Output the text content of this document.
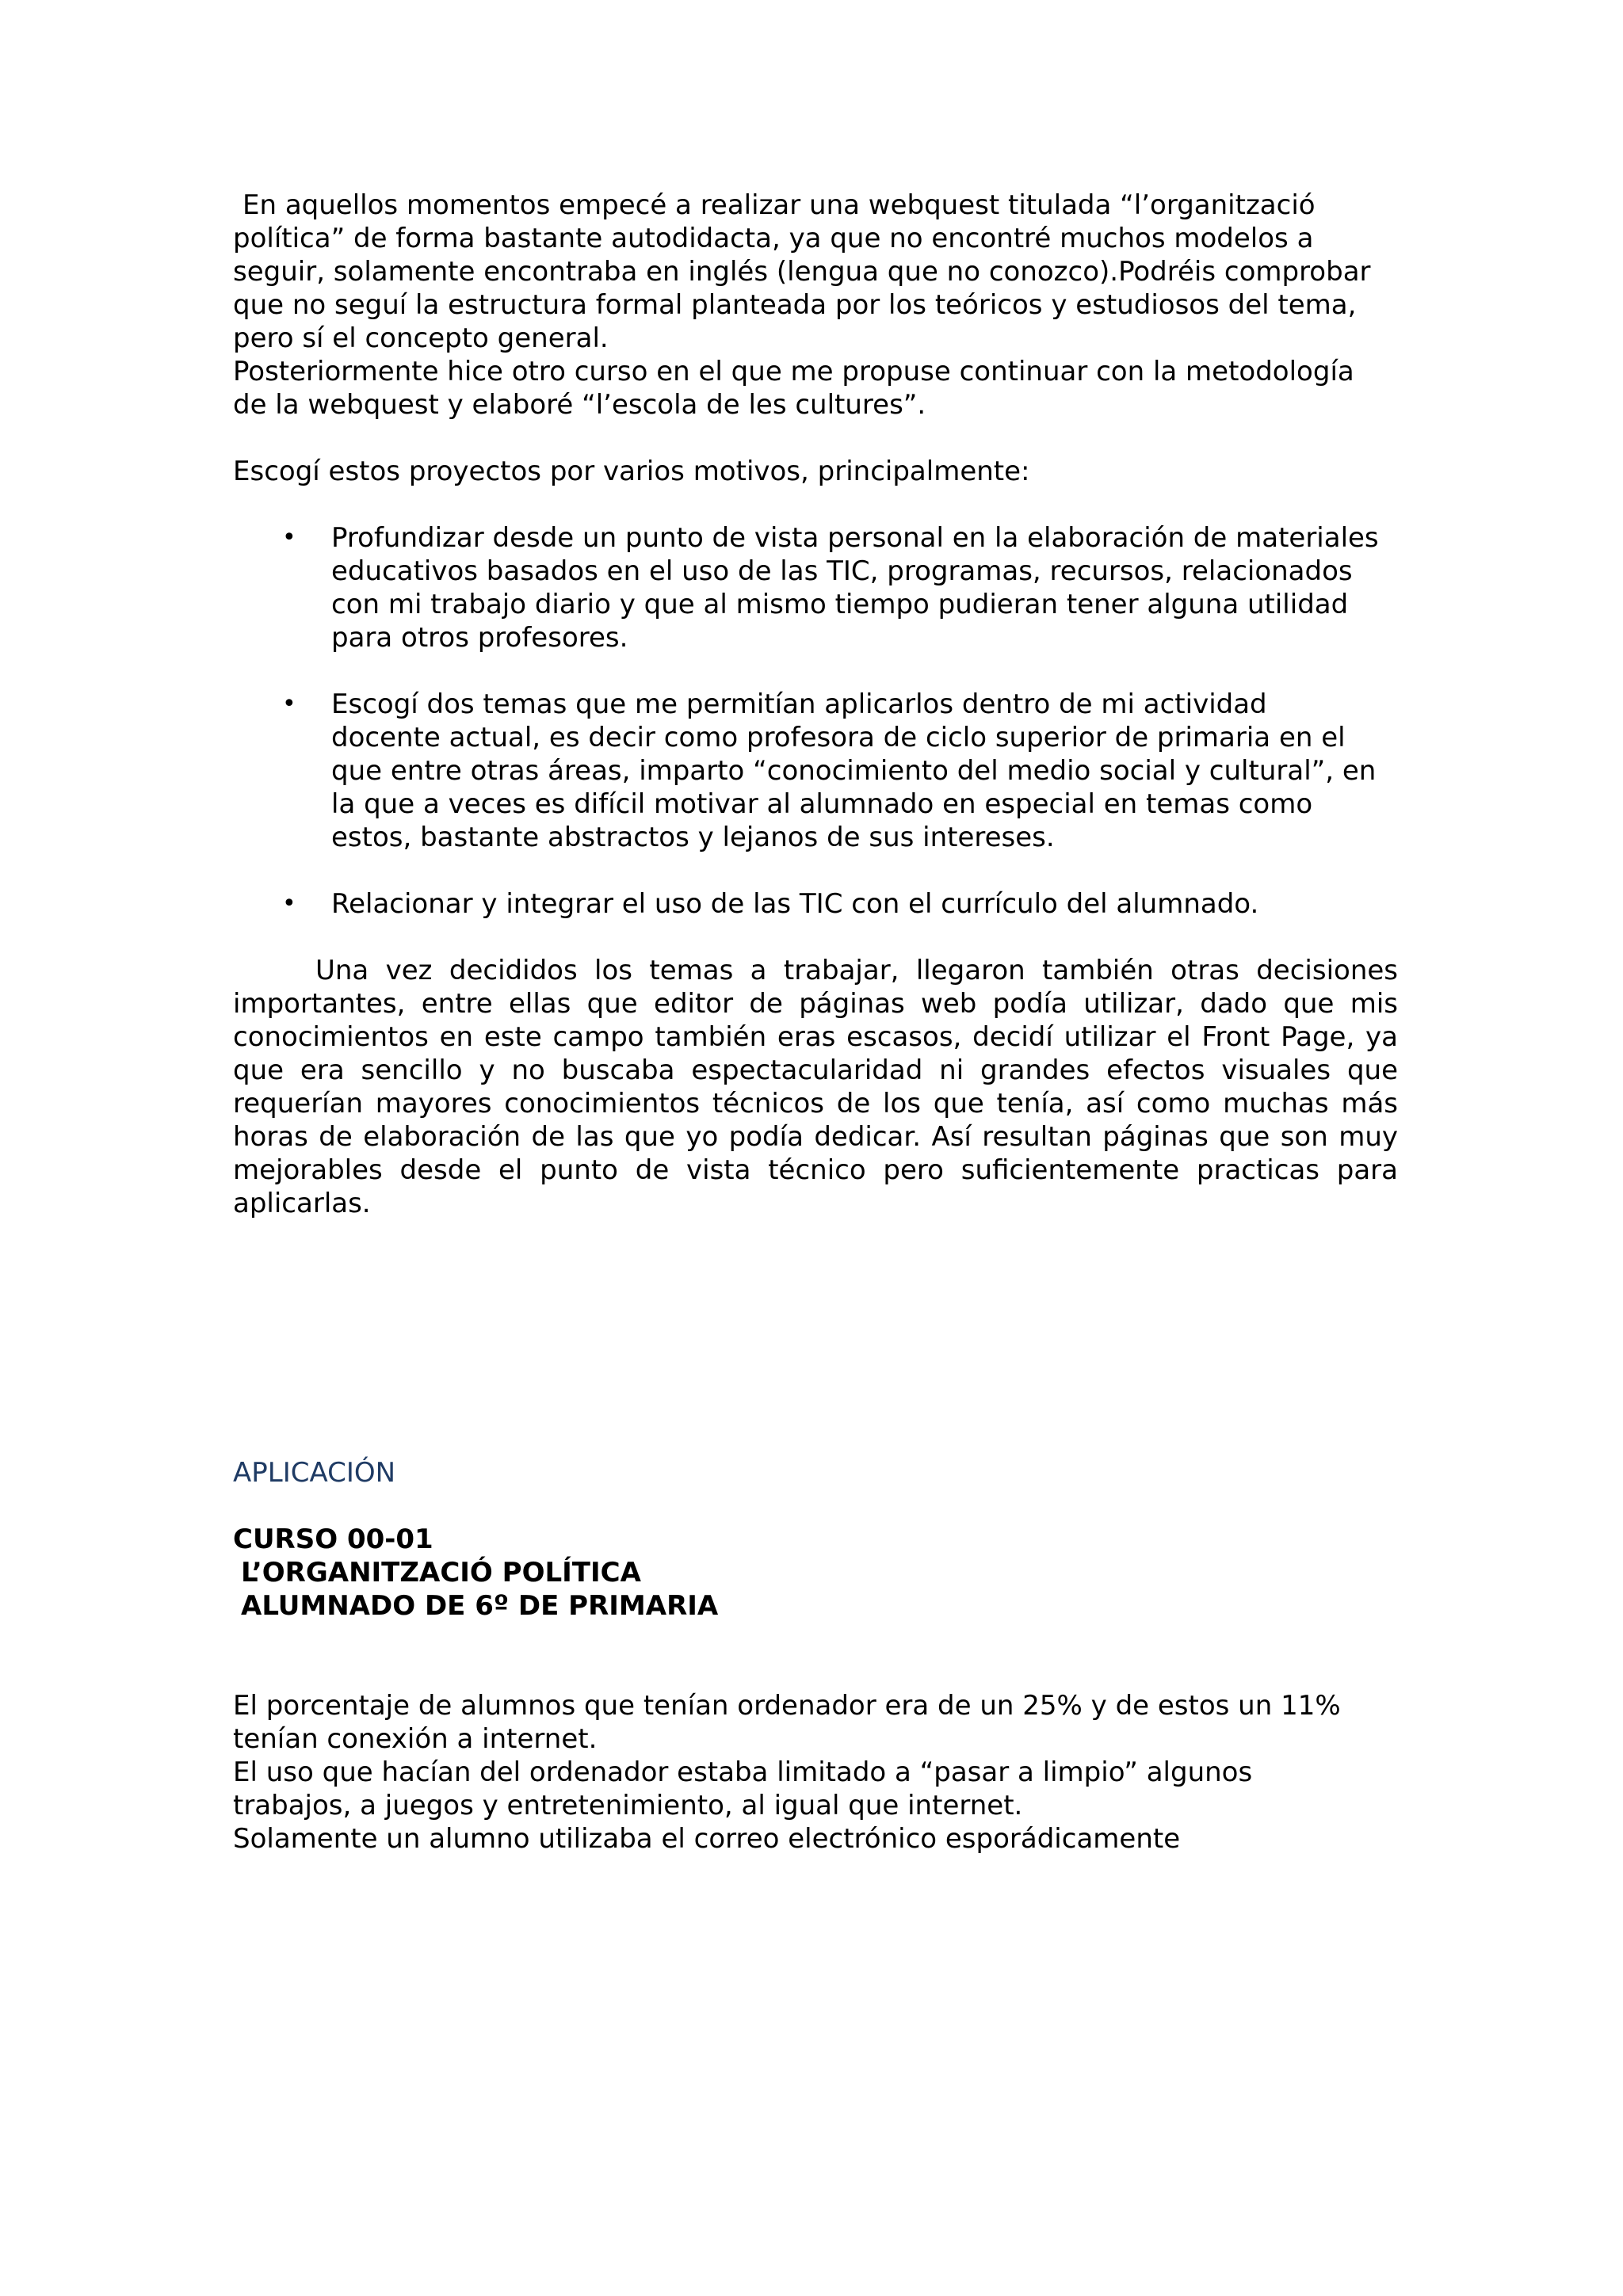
En aquellos momentos empecé a realizar una webquest titulada “l’organització
política” de forma bastante autodidacta, ya que no encontré muchos modelos a
seguir, solamente encontraba en inglés (lengua que no conozco).Podréis comprobar
que no seguí la estructura formal planteada por los teóricos y estudiosos del tema,
pero sí el concepto general.
Posteriormente hice otro curso en el que me propuse continuar con la metodología
de la webquest y elaboré “l’escola de les cultures”.

Escogí estos proyectos por varios motivos, principalmente:

• Profundizar desde un punto de vista personal en la elaboración de materiales
educativos basados en el uso de las TIC, programas, recursos, relacionados
con mi trabajo diario y que al mismo tiempo pudieran tener alguna utilidad
para otros profesores.
• Escogí dos temas que me permitían aplicarlos dentro de mi actividad
docente actual, es decir como profesora de ciclo superior de primaria en el
que entre otras áreas, imparto “conocimiento del medio social y cultural”, en
la que a veces es difícil motivar al alumnado en especial en temas como
estos, bastante abstractos y lejanos de sus intereses.
• Relacionar y integrar el uso de las TIC con el currículo del alumnado.

Una vez decididos los temas a trabajar, llegaron también otras decisiones importantes, entre ellas que editor de páginas web podía utilizar, dado que mis conocimientos en este campo también eras escasos, decidí utilizar el Front Page, ya que era sencillo y no buscaba espectacularidad ni grandes efectos visuales que requerían mayores conocimientos técnicos de los que tenía, así como muchas más horas de elaboración de las que yo podía dedicar. Así resultan páginas que son muy mejorables desde el punto de vista técnico pero suficientemente practicas para aplicarlas.

APLICACIÓN

CURSO 00-01
L’ORGANITZACIÓ POLÍTICA
ALUMNADO DE 6º DE PRIMARIA
El porcentaje de alumnos que tenían ordenador era de un 25% y de estos un 11%
tenían conexión a internet.
El uso que hacían del ordenador estaba limitado a “pasar a limpio” algunos
trabajos, a juegos y entretenimiento, al igual que internet.
Solamente un alumno utilizaba el correo electrónico esporádicamente
